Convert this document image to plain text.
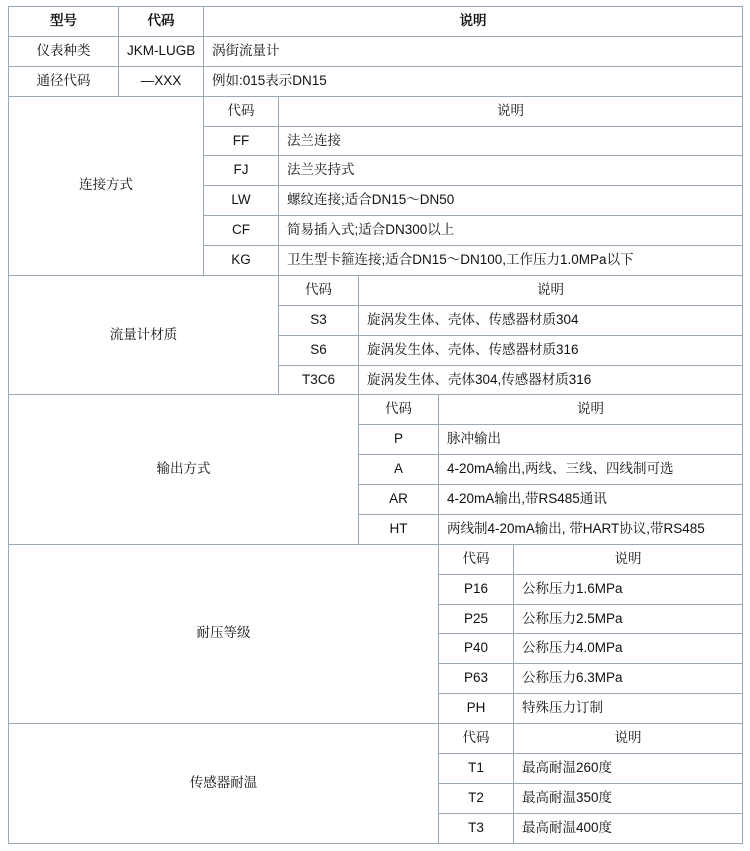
型号	代码	说明				
仪表种类	JKM-LUGB	涡街流量计				
通径代码	—XXX	例如:015表示DN15				
连接方式		代码	说明			
		FF	法兰连接			
		FJ	法兰夹持式			
		LW	螺纹连接;适合DN15～DN50			
		CF	简易插入式;适合DN300以上			
		KG	卫生型卡箍连接;适合DN15～DN100,工作压力1.0MPa以下			
流量计材质			代码	说明		
			S3	旋涡发生体、壳体、传感器材质304		
			S6	旋涡发生体、壳体、传感器材质316		
			T3C6	旋涡发生体、壳体304,传感器材质316		
输出方式				代码	说明	
				P	脉冲输出	
				A	4-20mA输出,两线、三线、四线制可选	
				AR	4-20mA输出,带RS485通讯	
				HT	两线制4-20mA输出, 带HART协议,带RS485	
耐压等级					代码	说明
					P16	公称压力1.6MPa
					P25	公称压力2.5MPa
					P40	公称压力4.0MPa
					P63	公称压力6.3MPa
					PH	特殊压力订制
传感器耐温					代码	说明
					T1	最高耐温260度
					T2	最高耐温350度
					T3	最高耐温400度
